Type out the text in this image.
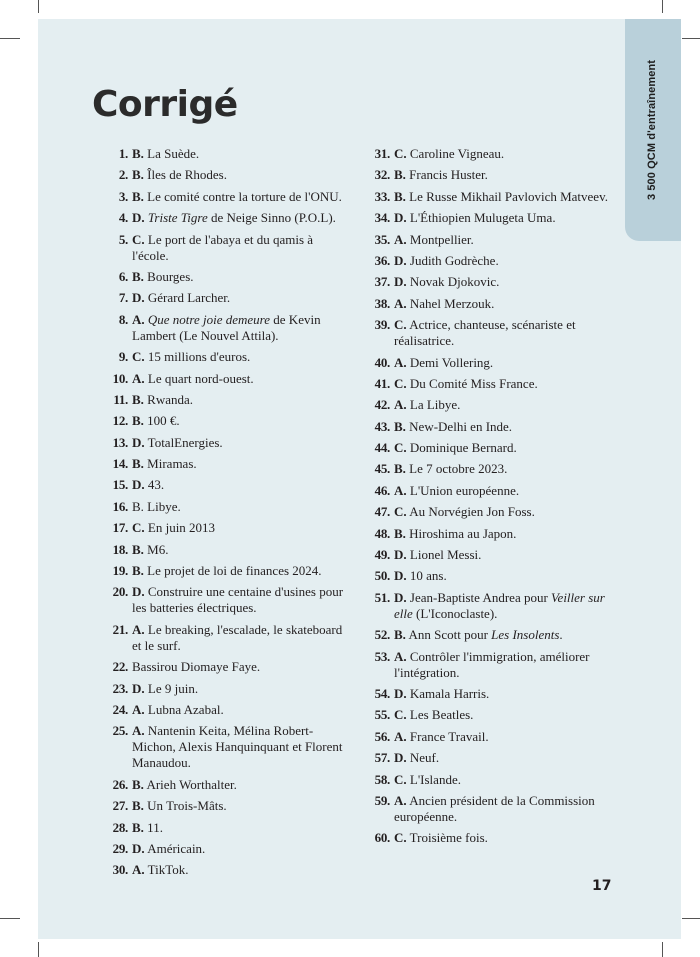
3 500 QCM d'entraînement
Corrigé
1. B. La Suède.
2. B. Îles de Rhodes.
3. B. Le comité contre la torture de l'ONU.
4. D. Triste Tigre de Neige Sinno (P.O.L).
5. C. Le port de l'abaya et du qamis à l'école.
6. B. Bourges.
7. D. Gérard Larcher.
8. A. Que notre joie demeure de Kevin Lambert (Le Nouvel Attila).
9. C. 15 millions d'euros.
10. A. Le quart nord-ouest.
11. B. Rwanda.
12. B. 100 €.
13. D. TotalEnergies.
14. B. Miramas.
15. D. 43.
16. B. Libye.
17. C. En juin 2013
18. B. M6.
19. B. Le projet de loi de finances 2024.
20. D. Construire une centaine d'usines pour les batteries électriques.
21. A. Le breaking, l'escalade, le skateboard et le surf.
22. Bassirou Diomaye Faye.
23. D. Le 9 juin.
24. A. Lubna Azabal.
25. A. Nantenin Keita, Mélina Robert-Michon, Alexis Hanquinquant et Florent Manaudou.
26. B. Arieh Worthalter.
27. B. Un Trois-Mâts.
28. B. 11.
29. D. Américain.
30. A. TikTok.
31. C. Caroline Vigneau.
32. B. Francis Huster.
33. B. Le Russe Mikhail Pavlovich Matveev.
34. D. L'Éthiopien Mulugeta Uma.
35. A. Montpellier.
36. D. Judith Godrèche.
37. D. Novak Djokovic.
38. A. Nahel Merzouk.
39. C. Actrice, chanteuse, scénariste et réalisatrice.
40. A. Demi Vollering.
41. C. Du Comité Miss France.
42. A. La Libye.
43. B. New-Delhi en Inde.
44. C. Dominique Bernard.
45. B. Le 7 octobre 2023.
46. A. L'Union européenne.
47. C. Au Norvégien Jon Foss.
48. B. Hiroshima au Japon.
49. D. Lionel Messi.
50. D. 10 ans.
51. D. Jean-Baptiste Andrea pour Veiller sur elle (L'Iconoclaste).
52. B. Ann Scott pour Les Insolents.
53. A. Contrôler l'immigration, améliorer l'intégration.
54. D. Kamala Harris.
55. C. Les Beatles.
56. A. France Travail.
57. D. Neuf.
58. C. L'Islande.
59. A. Ancien président de la Commission européenne.
60. C. Troisième fois.
17
